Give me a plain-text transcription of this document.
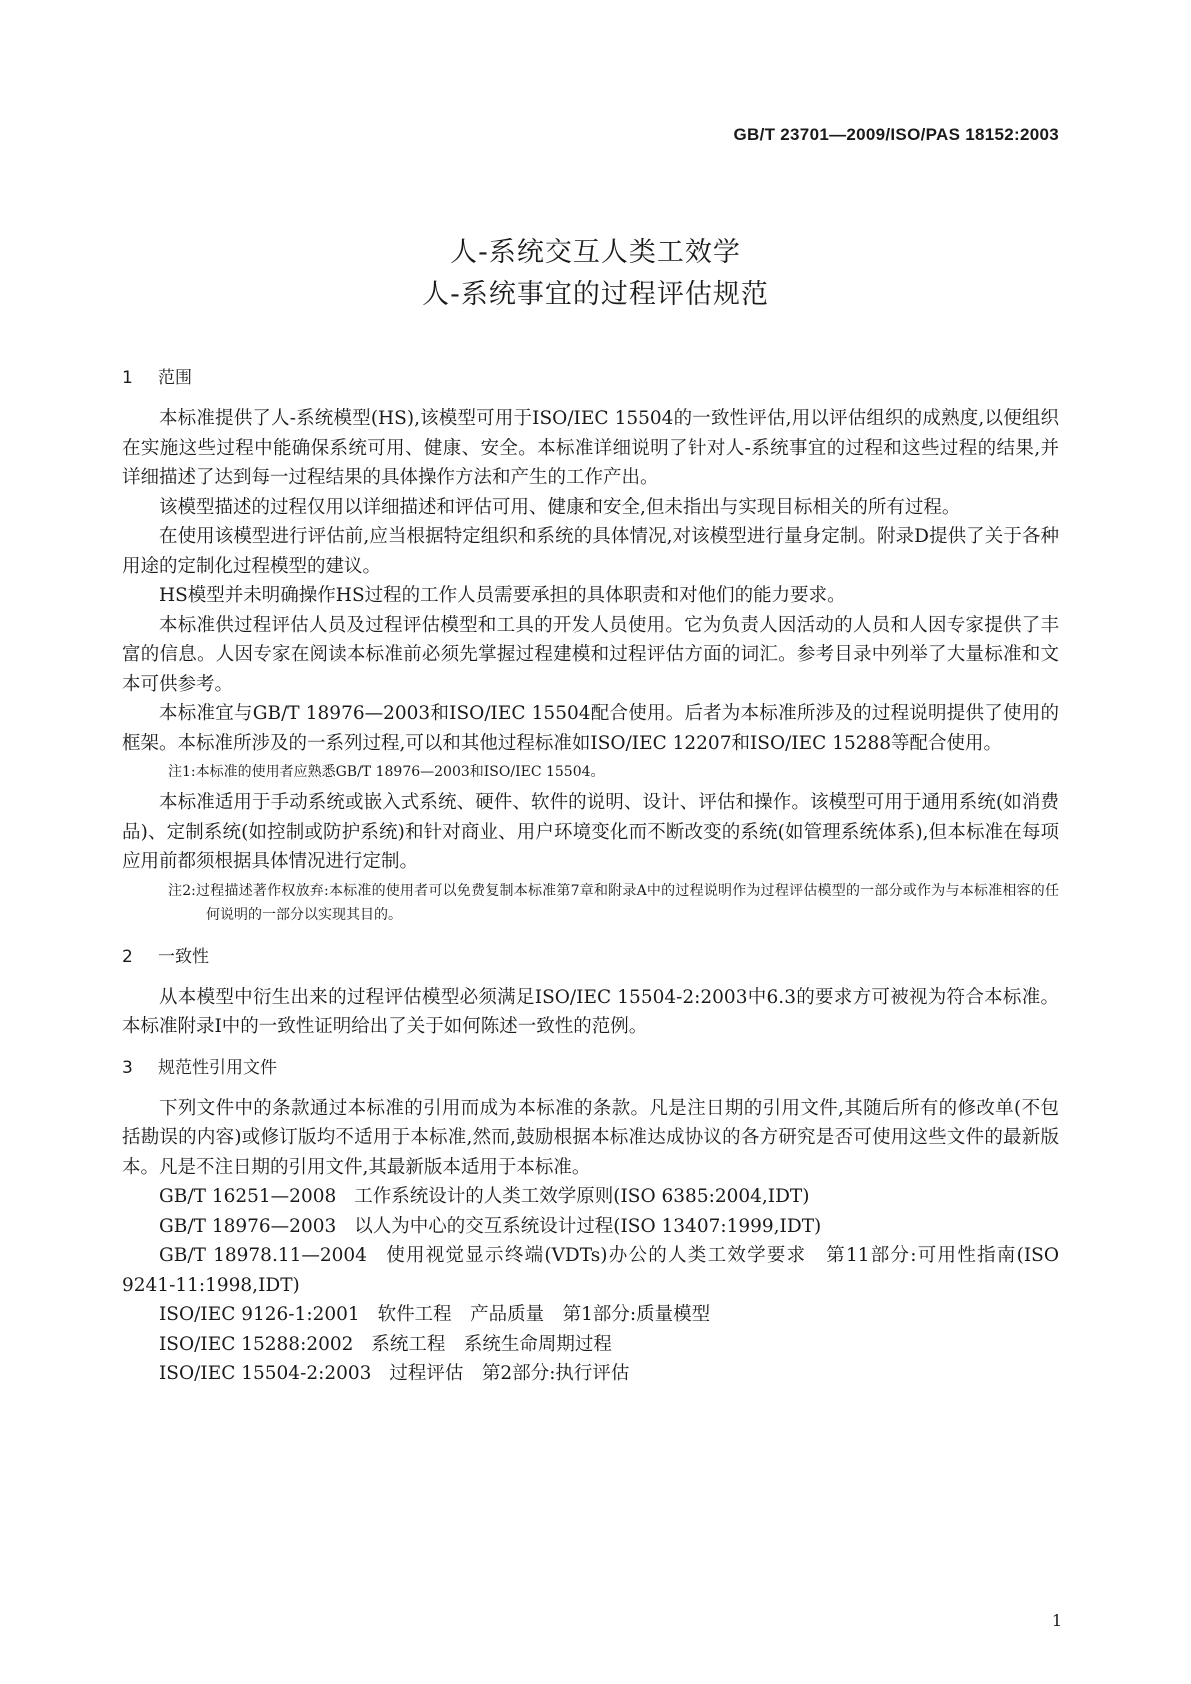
GB/T 23701—2009/ISO/PAS 18152:2003
人-系统交互人类工效学
人-系统事宜的过程评估规范
1 范围

本标准提供了人-系统模型(HS),该模型可用于ISO/IEC 15504的一致性评估,用以评估组织的成熟度,以便组织在实施这些过程中能确保系统可用、健康、安全。本标准详细说明了针对人-系统事宜的过程和这些过程的结果,并详细描述了达到每一过程结果的具体操作方法和产生的工作产出。

该模型描述的过程仅用以详细描述和评估可用、健康和安全,但未指出与实现目标相关的所有过程。

在使用该模型进行评估前,应当根据特定组织和系统的具体情况,对该模型进行量身定制。附录D提供了关于各种用途的定制化过程模型的建议。

HS模型并未明确操作HS过程的工作人员需要承担的具体职责和对他们的能力要求。

本标准供过程评估人员及过程评估模型和工具的开发人员使用。它为负责人因活动的人员和人因专家提供了丰富的信息。人因专家在阅读本标准前必须先掌握过程建模和过程评估方面的词汇。参考目录中列举了大量标准和文本可供参考。

本标准宜与GB/T 18976—2003和ISO/IEC 15504配合使用。后者为本标准所涉及的过程说明提供了使用的框架。本标准所涉及的一系列过程,可以和其他过程标准如ISO/IEC 12207和ISO/IEC 15288等配合使用。

注1:本标准的使用者应熟悉GB/T 18976—2003和ISO/IEC 15504。

本标准适用于手动系统或嵌入式系统、硬件、软件的说明、设计、评估和操作。该模型可用于通用系统(如消费品)、定制系统(如控制或防护系统)和针对商业、用户环境变化而不断改变的系统(如管理系统体系),但本标准在每项应用前都须根据具体情况进行定制。

注2:过程描述著作权放弃:本标准的使用者可以免费复制本标准第7章和附录A中的过程说明作为过程评估模型的一部分或作为与本标准相容的任何说明的一部分以实现其目的。
2 一致性

从本模型中衍生出来的过程评估模型必须满足ISO/IEC 15504-2:2003中6.3的要求方可被视为符合本标准。本标准附录I中的一致性证明给出了关于如何陈述一致性的范例。

3 规范性引用文件

下列文件中的条款通过本标准的引用而成为本标准的条款。凡是注日期的引用文件,其随后所有的修改单(不包括勘误的内容)或修订版均不适用于本标准,然而,鼓励根据本标准达成协议的各方研究是否可使用这些文件的最新版本。凡是不注日期的引用文件,其最新版本适用于本标准。

GB/T 16251—2008 工作系统设计的人类工效学原则(ISO 6385:2004,IDT)

GB/T 18976—2003 以人为中心的交互系统设计过程(ISO 13407:1999,IDT)

GB/T 18978.11—2004 使用视觉显示终端(VDTs)办公的人类工效学要求　第11部分:可用性指南(ISO 9241-11:1998,IDT)

ISO/IEC 9126-1:2001 软件工程　产品质量　第1部分:质量模型

ISO/IEC 15288:2002 系统工程　系统生命周期过程

ISO/IEC 15504-2:2003 过程评估　第2部分:执行评估

1
